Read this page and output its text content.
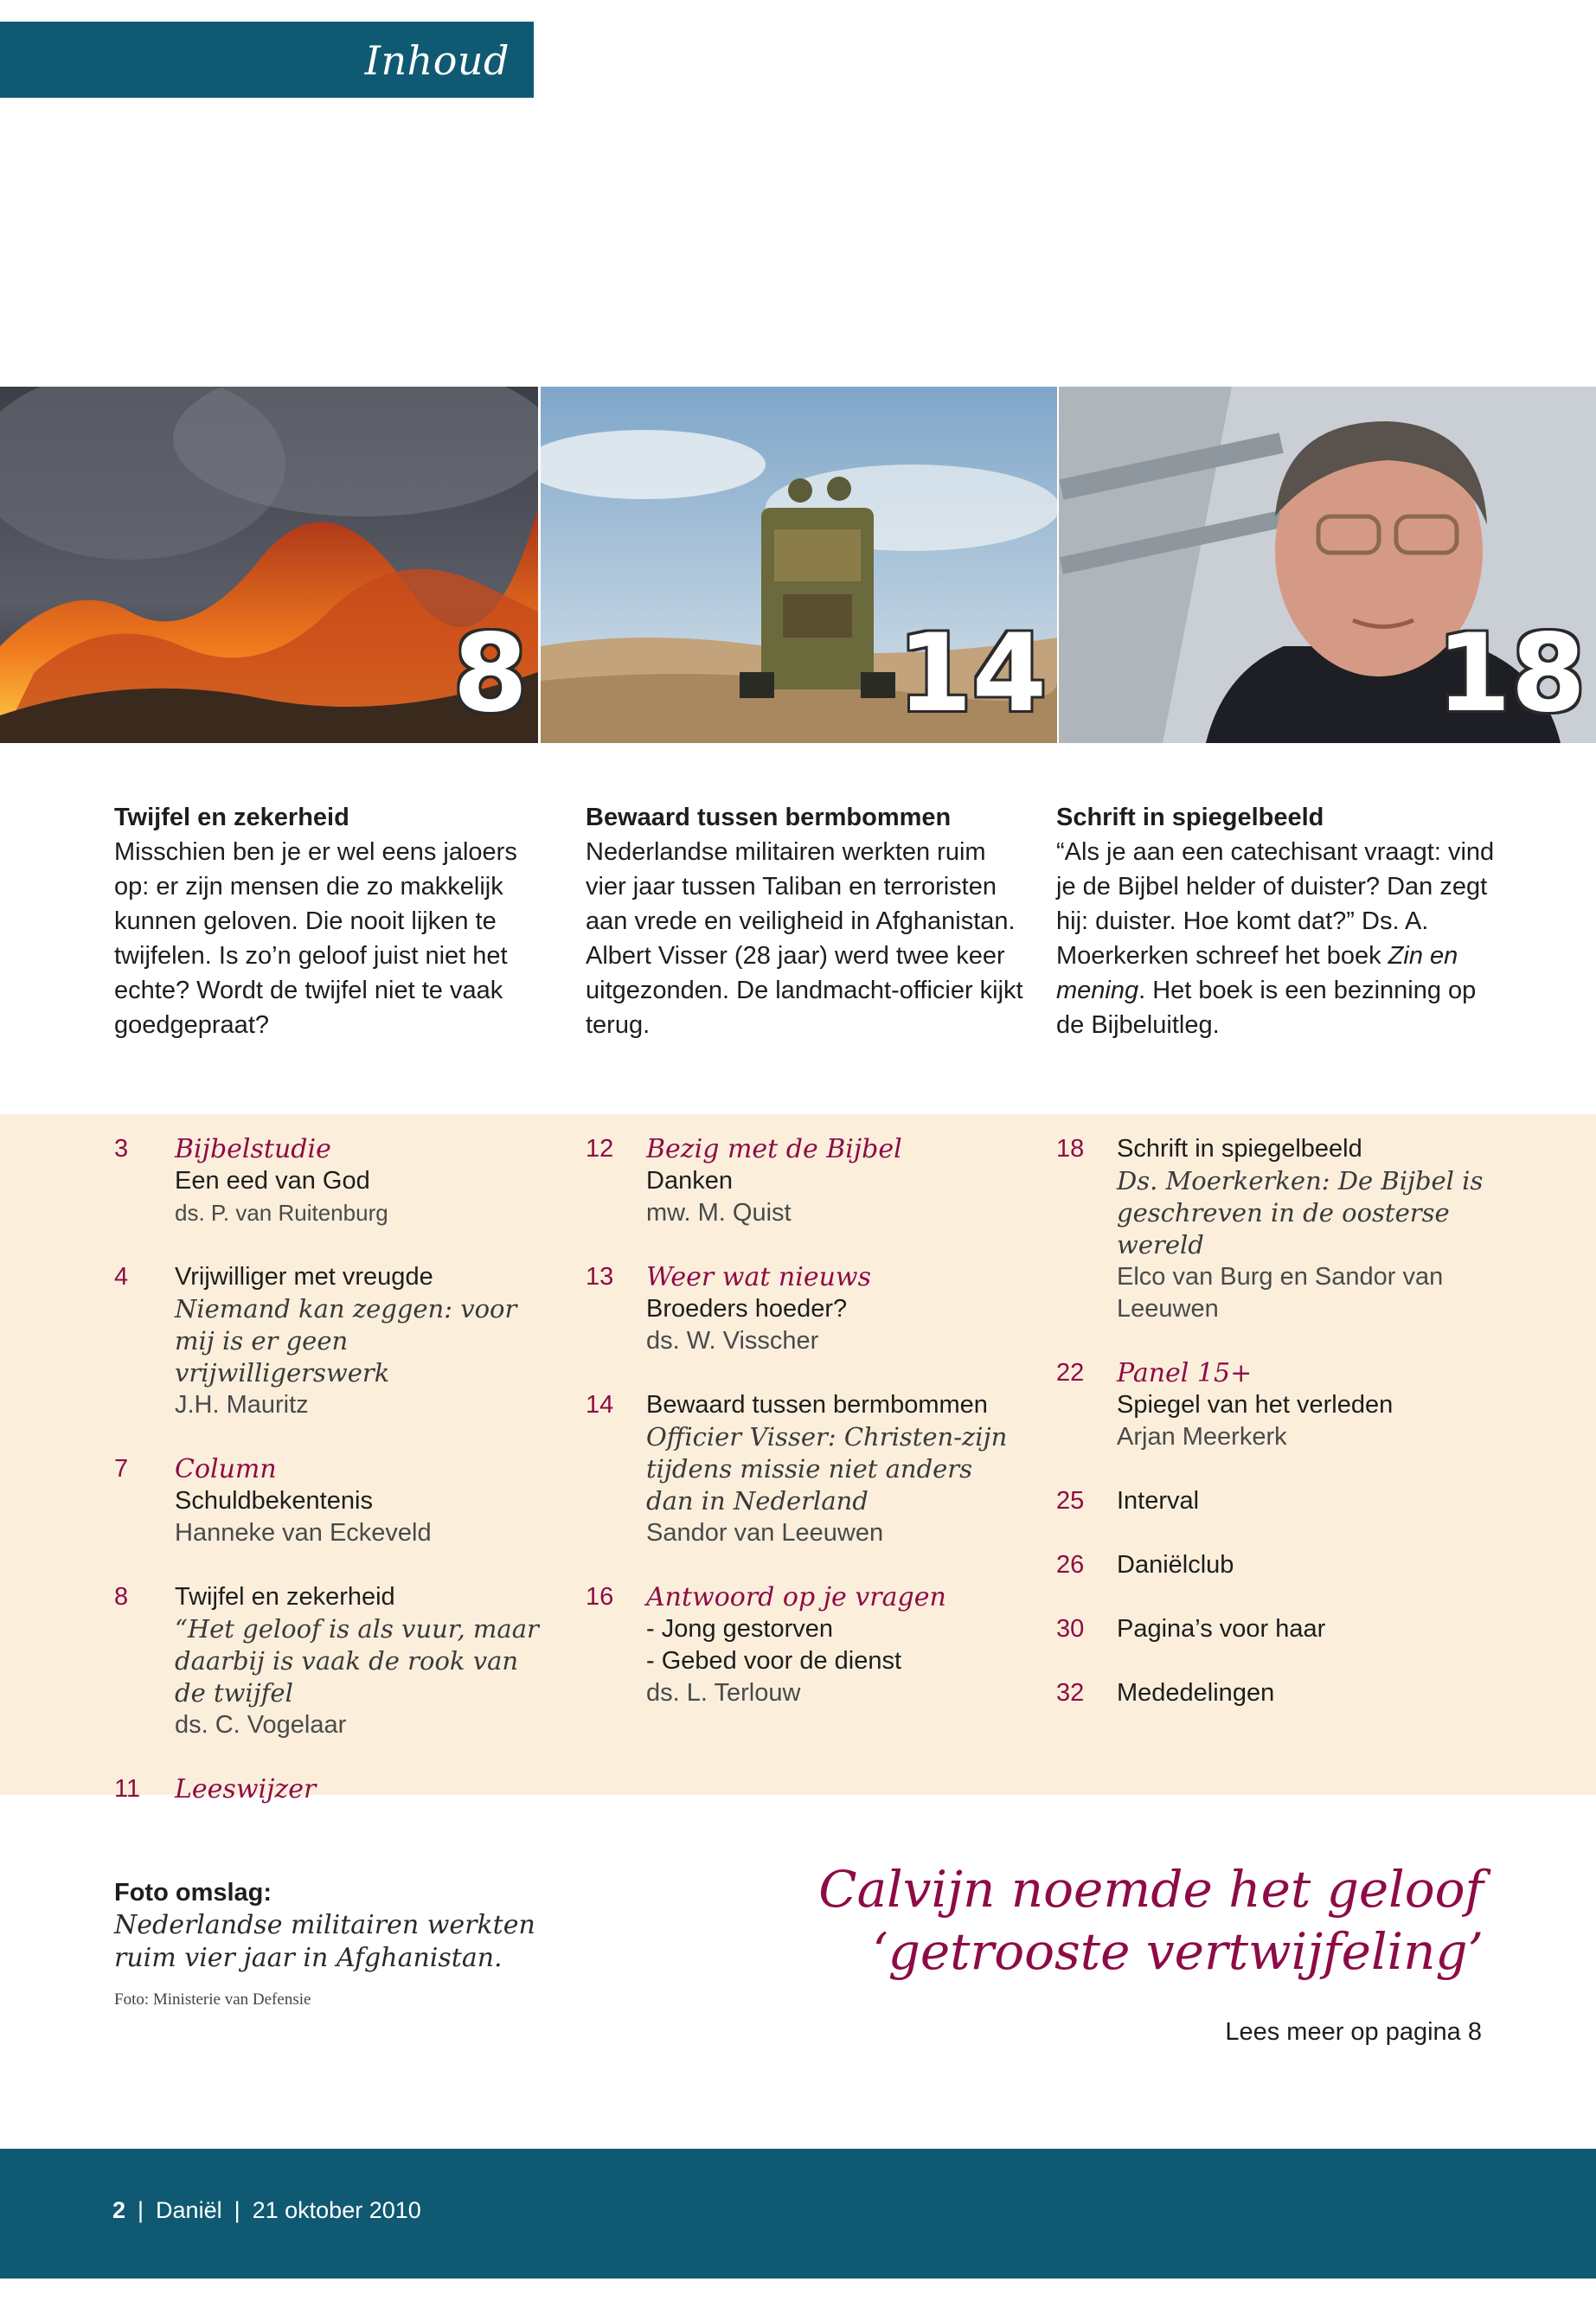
Inhoud
8	14	18
Twijfel en zekerheid

Misschien ben je er wel eens jaloers op: er zijn mensen die zo makkelijk kunnen geloven. Die nooit lijken te twijfelen. Is zo’n geloof juist niet het echte? Wordt de twijfel niet te vaak goedgepraat?

Bewaard tussen bermbommen

Nederlandse militairen werkten ruim vier jaar tussen Taliban en terroristen aan vrede en veiligheid in Afghanistan. Albert Visser (28 jaar) werd twee keer uitgezonden. De landmacht-officier kijkt terug.

Schrift in spiegelbeeld

“Als je aan een catechisant vraagt: vind je de Bijbel helder of duister? Dan zegt hij: duister. Hoe komt dat?” Ds. A. Moerkerken schreef het boek Zin en mening. Het boek is een bezinning op de Bijbeluitleg.

3 Bijbelstudie
Een eed van God
ds. P. van Ruitenburg
4 Vrijwilliger met vreugde
Niemand kan zeggen: voor mij is er geen vrijwilligerswerk
J.H. Mauritz
7 Column
Schuldbekentenis
Hanneke van Eckeveld
8 Twijfel en zekerheid
“Het geloof is als vuur, maar daarbij is vaak de rook van de twijfel
ds. C. Vogelaar
11 Leeswijzer
12 Bezig met de Bijbel
Danken
mw. M. Quist
13 Weer wat nieuws
Broeders hoeder?
ds. W. Visscher
14 Bewaard tussen bermbommen
Officier Visser: Christen-zijn tijdens missie niet anders dan in Nederland
Sandor van Leeuwen
16 Antwoord op je vragen
- Jong gestorven
- Gebed voor de dienst
ds. L. Terlouw
18 Schrift in spiegelbeeld
Ds. Moerkerken: De Bijbel is geschreven in de oosterse wereld
Elco van Burg en Sandor van Leeuwen
22 Panel 15+
Spiegel van het verleden
Arjan Meerkerk
25 Interval
26 Daniëlclub
30 Pagina’s voor haar
32 Mededelingen
Foto omslag:
Nederlandse militairen werkten ruim vier jaar in Afghanistan.
Foto: Ministerie van Defensie
Calvijn noemde het geloof
‘getrooste vertwijfeling’
Lees meer op pagina 8
2 | Daniël | 21 oktober 2010
